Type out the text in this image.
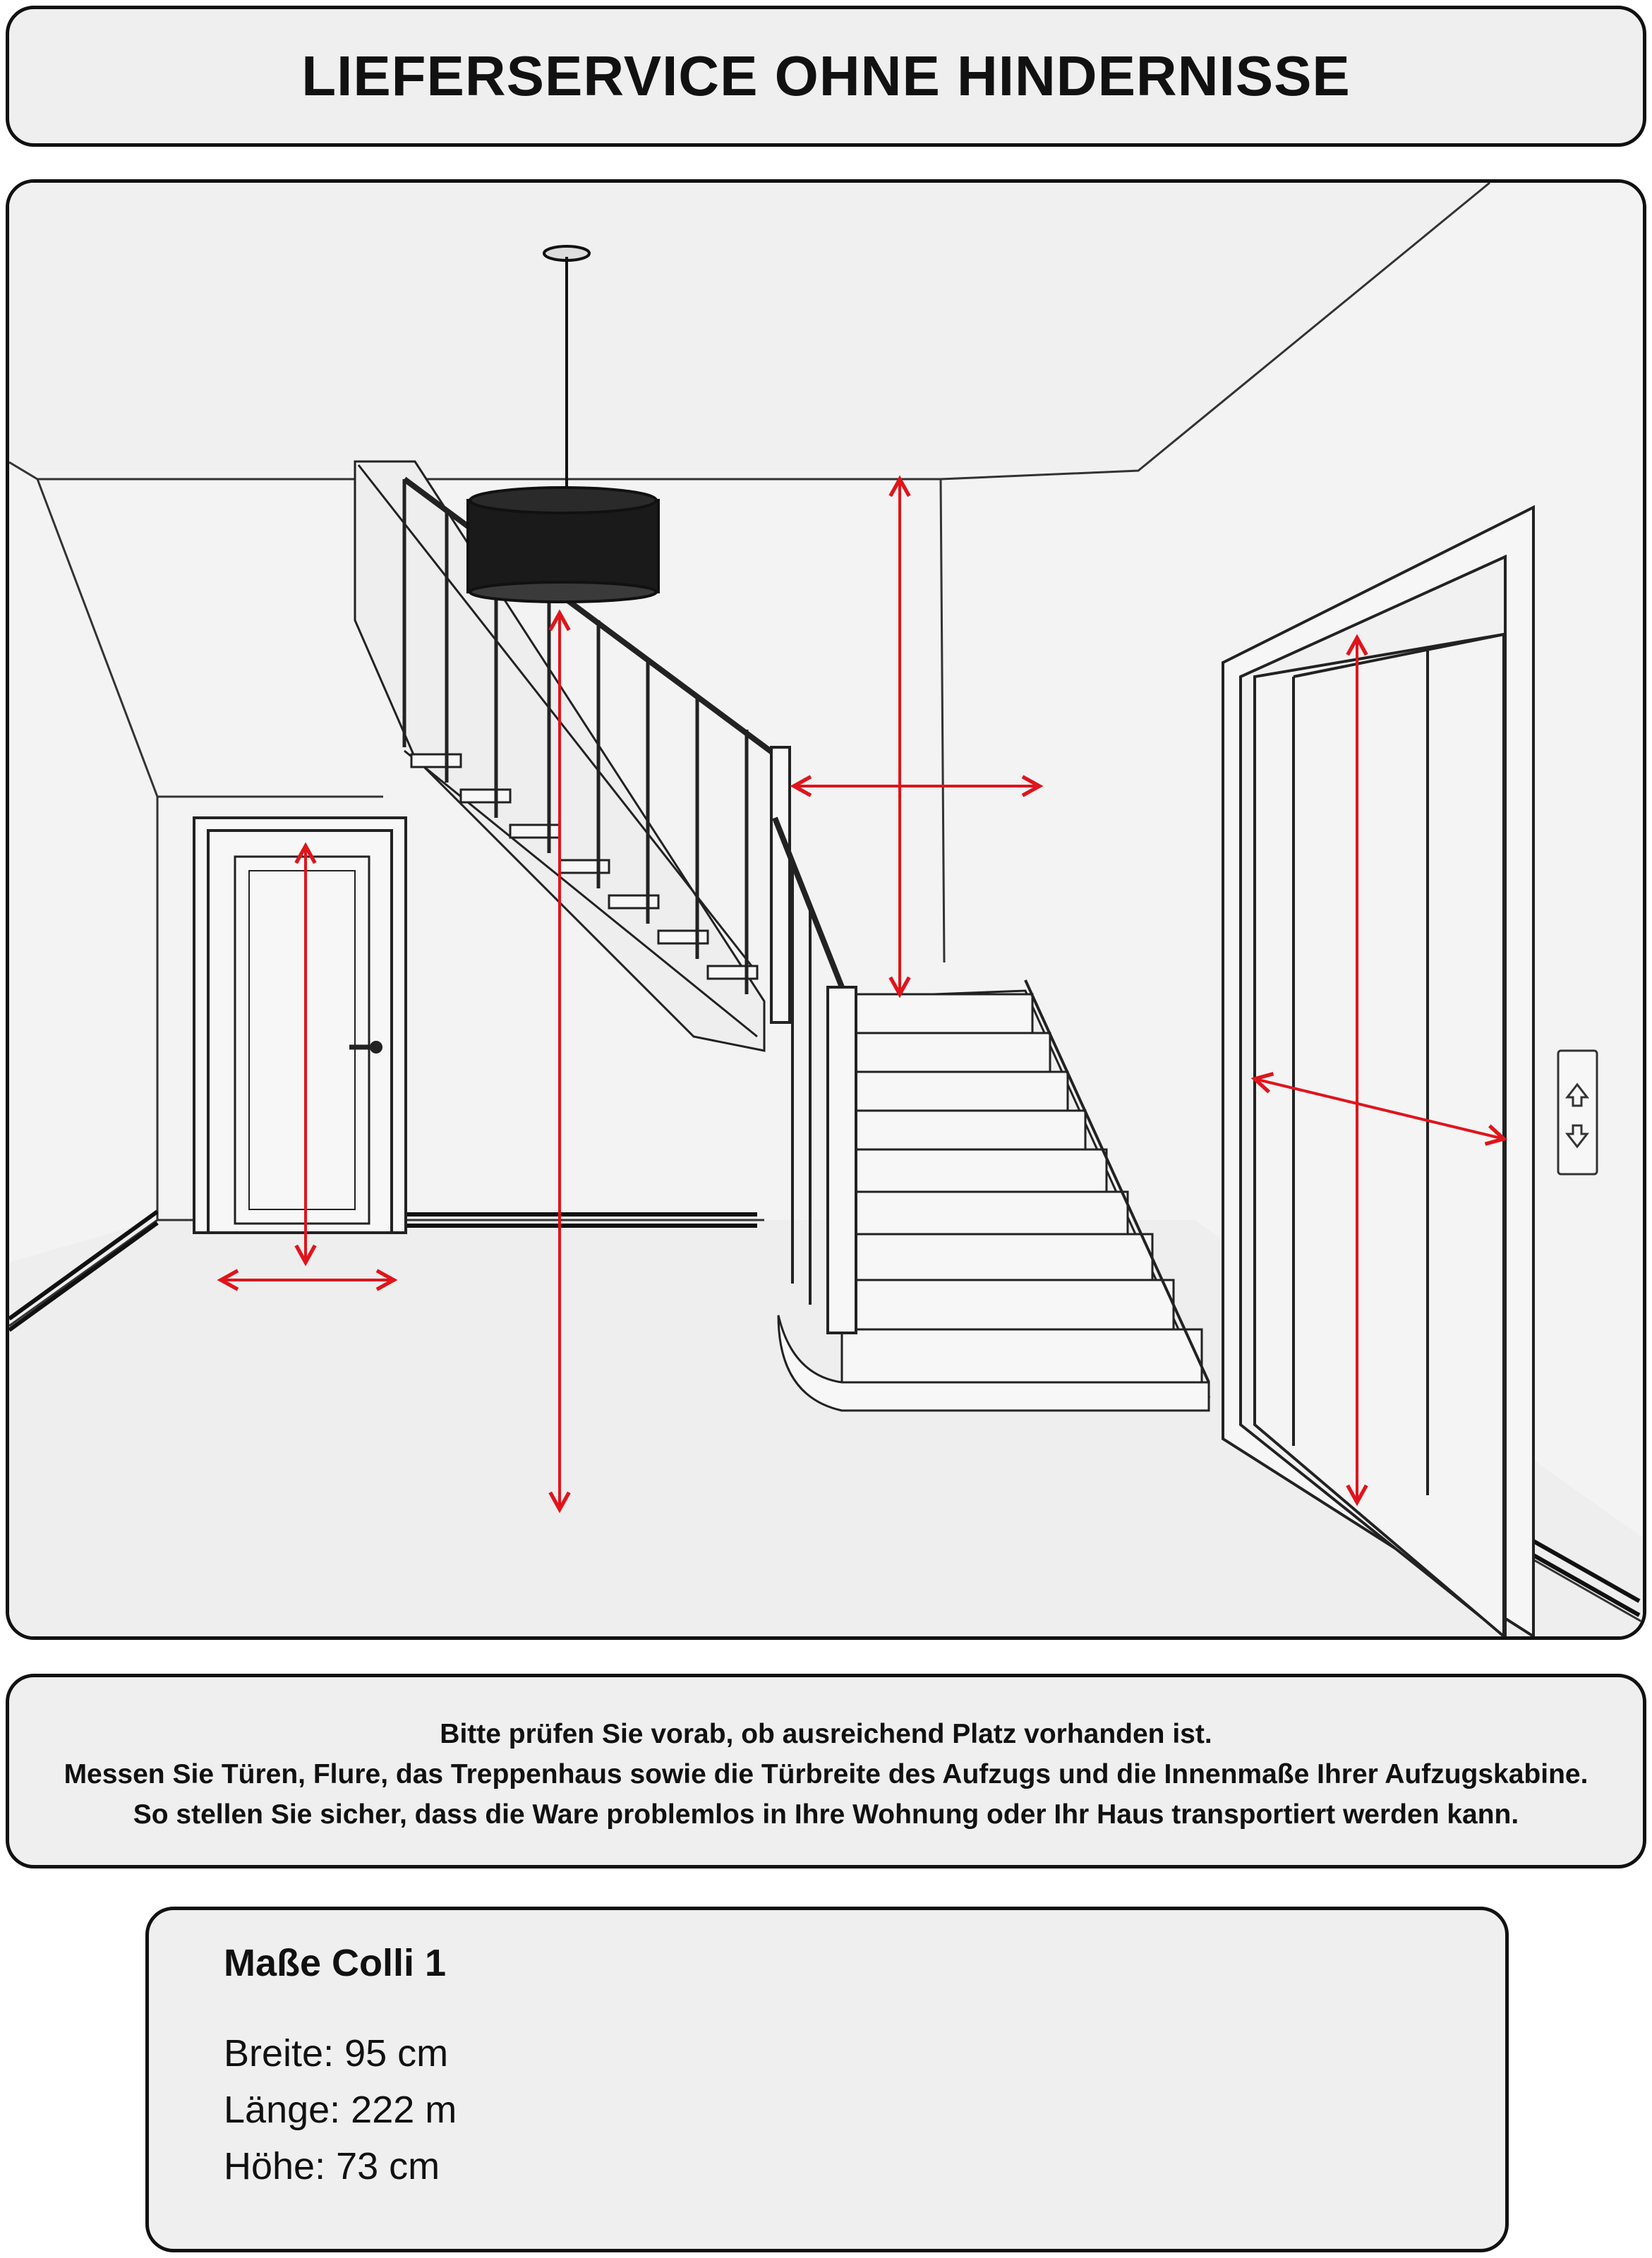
LIEFERSERVICE OHNE HINDERNISSE
Bitte prüfen Sie vorab, ob ausreichend Platz vorhanden ist.
Messen Sie Türen, Flure, das Treppenhaus sowie die Türbreite des Aufzugs und die Innenmaße Ihrer Aufzugskabine.
So stellen Sie sicher, dass die Ware problemlos in Ihre Wohnung oder Ihr Haus transportiert werden kann.
Maße Colli 1
Breite: 95 cm
Länge: 222 m
Höhe: 73 cm
